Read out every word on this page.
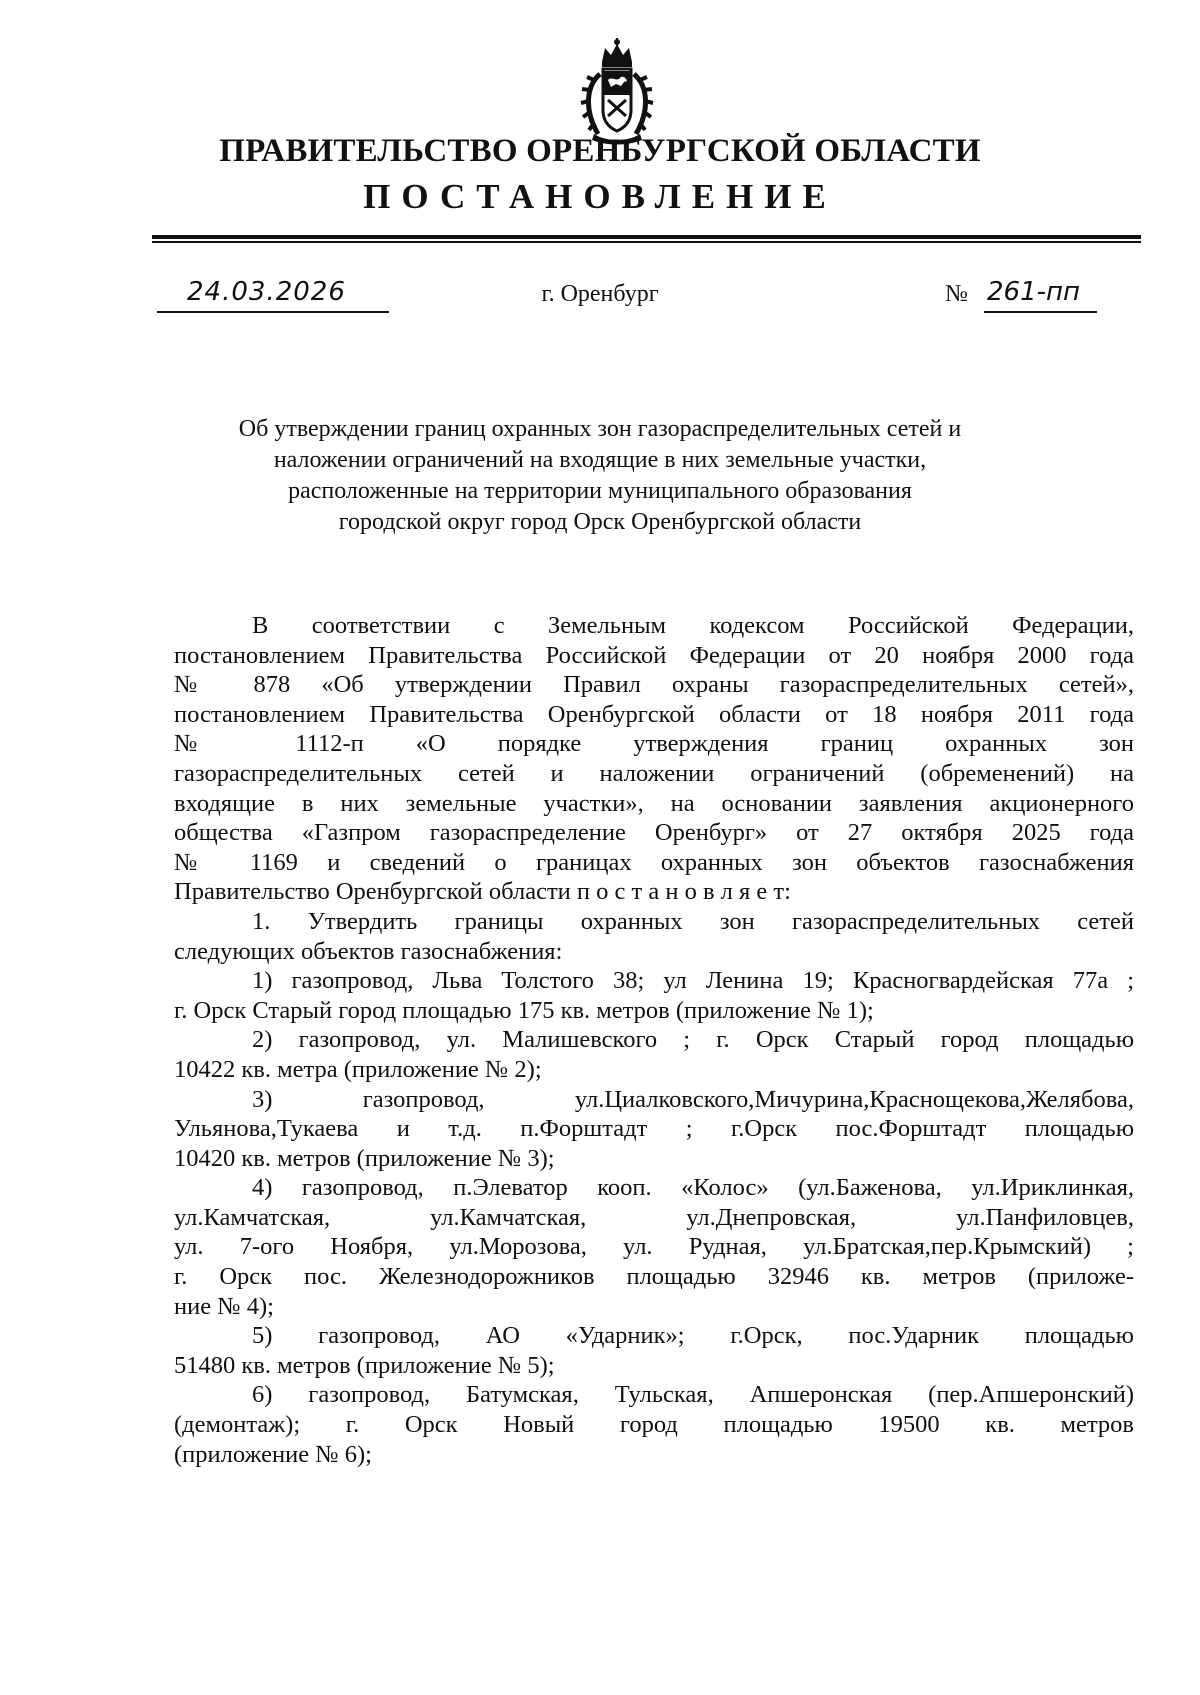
ПРАВИТЕЛЬСТВО ОРЕНБУРГСКОЙ ОБЛАСТИ
ПОСТАНОВЛЕНИЕ
24.03.2026	г. Оренбург	№ 261-пп
Об утверждении границ охранных зон газораспределительных сетей и
наложении ограничений на входящие в них земельные участки,
расположенные на территории муниципального образования
городской округ город Орск Оренбургской области
В соответствии с Земельным кодексом Российской Федерации,
постановлением Правительства Российской Федерации от 20 ноября 2000 года
№ 878 «Об утверждении Правил охраны газораспределительных сетей»,
постановлением Правительства Оренбургской области от 18 ноября 2011 года
№ 1112-п «О порядке утверждения границ охранных зон
газораспределительных сетей и наложении ограничений (обременений) на
входящие в них земельные участки», на основании заявления акционерного
общества «Газпром газораспределение Оренбург» от 27 октября 2025 года
№ 1169 и сведений о границах охранных зон объектов газоснабжения
Правительство Оренбургской области п о с т а н о в л я е т:
1. Утвердить границы охранных зон газораспределительных сетей
следующих объектов газоснабжения:
1) газопровод, Льва Толстого 38; ул Ленина 19; Красногвардейская 77а ;
г. Орск Старый город площадью 175 кв. метров (приложение № 1);
2) газопровод, ул. Малишевского ; г. Орск Старый город площадью
10422 кв. метра (приложение № 2);
3) газопровод, ул.Циалковского,Мичурина,Краснощекова,Желябова,
Ульянова,Тукаева и т.д. п.Форштадт ; г.Орск пос.Форштадт площадью
10420 кв. метров (приложение № 3);
4) газопровод, п.Элеватор кооп. «Колос» (ул.Баженова, ул.Ириклинкая,
ул.Камчатская, ул.Камчатская, ул.Днепровская, ул.Панфиловцев,
ул. 7-ого Ноября, ул.Морозова, ул. Рудная, ул.Братская,пер.Крымский) ;
г. Орск пос. Железнодорожников площадью 32946 кв. метров (приложе-
ние № 4);
5) газопровод, АО «Ударник»; г.Орск, пос.Ударник площадью
51480 кв. метров (приложение № 5);
6) газопровод, Батумская, Тульская, Апшеронская (пер.Апшеронский)
(демонтаж); г. Орск Новый город площадью 19500 кв. метров
(приложение № 6);
